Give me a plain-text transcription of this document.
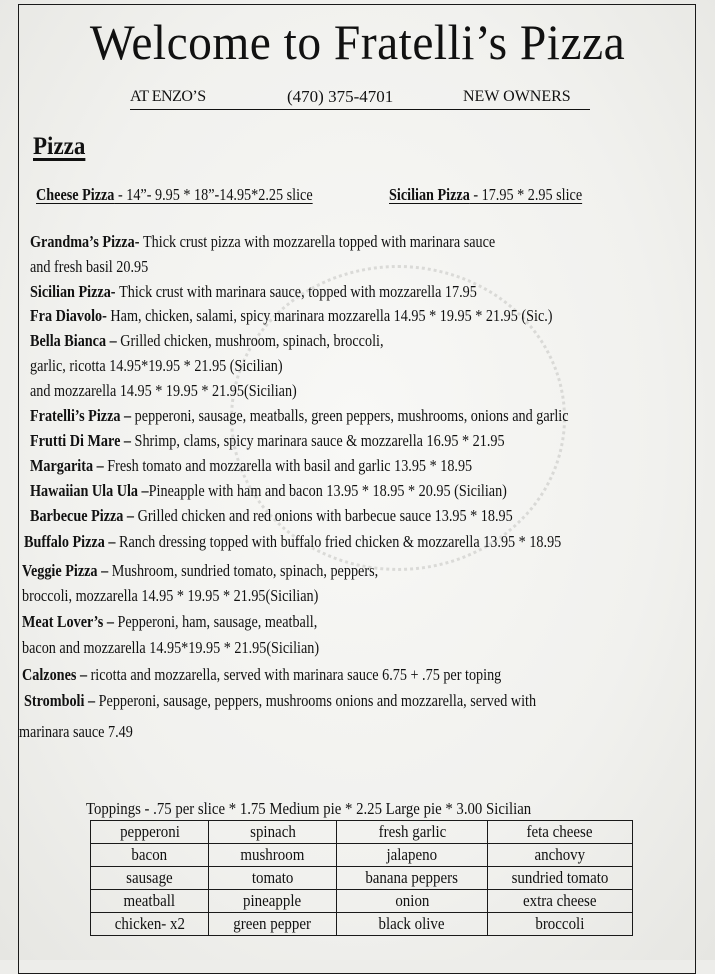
Welcome to Fratelli’s Pizza
AT ENZO’S	(470) 375-4701	NEW OWNERS
Pizza
Cheese Pizza - 14”- 9.95 * 18”-14.95*2.25 slice	Sicilian Pizza - 17.95 * 2.95 slice
Grandma’s Pizza- Thick crust pizza with mozzarella topped with marinara sauce
and fresh basil 20.95
Sicilian Pizza- Thick crust with marinara sauce, topped with mozzarella 17.95
Fra Diavolo- Ham, chicken, salami, spicy marinara mozzarella 14.95 * 19.95 * 21.95 (Sic.)
Bella Bianca – Grilled chicken, mushroom, spinach, broccoli,
garlic, ricotta 14.95*19.95 * 21.95 (Sicilian)
and mozzarella 14.95 * 19.95 * 21.95(Sicilian)
Fratelli’s Pizza – pepperoni, sausage, meatballs, green peppers, mushrooms, onions and garlic
Frutti Di Mare – Shrimp, clams, spicy marinara sauce & mozzarella 16.95 * 21.95
Margarita – Fresh tomato and mozzarella with basil and garlic 13.95 * 18.95
Hawaiian Ula Ula –Pineapple with ham and bacon 13.95 * 18.95 * 20.95 (Sicilian)
Barbecue Pizza – Grilled chicken and red onions with barbecue sauce 13.95 * 18.95
Buffalo Pizza – Ranch dressing topped with buffalo fried chicken & mozzarella 13.95 * 18.95
Veggie Pizza – Mushroom, sundried tomato, spinach, peppers,
broccoli, mozzarella 14.95 * 19.95 * 21.95(Sicilian)
Meat Lover’s – Pepperoni, ham, sausage, meatball,
bacon and mozzarella 14.95*19.95 * 21.95(Sicilian)
Calzones – ricotta and mozzarella, served with marinara sauce 6.75 + .75 per toping
Stromboli – Pepperoni, sausage, peppers, mushrooms onions and mozzarella, served with
marinara sauce 7.49
Toppings - .75 per slice * 1.75 Medium pie * 2.25 Large pie * 3.00 Sicilian
pepperoni	spinach	fresh garlic	feta cheese
bacon	mushroom	jalapeno	anchovy
sausage	tomato	banana peppers	sundried tomato
meatball	pineapple	onion	extra cheese
chicken- x2	green pepper	black olive	broccoli
